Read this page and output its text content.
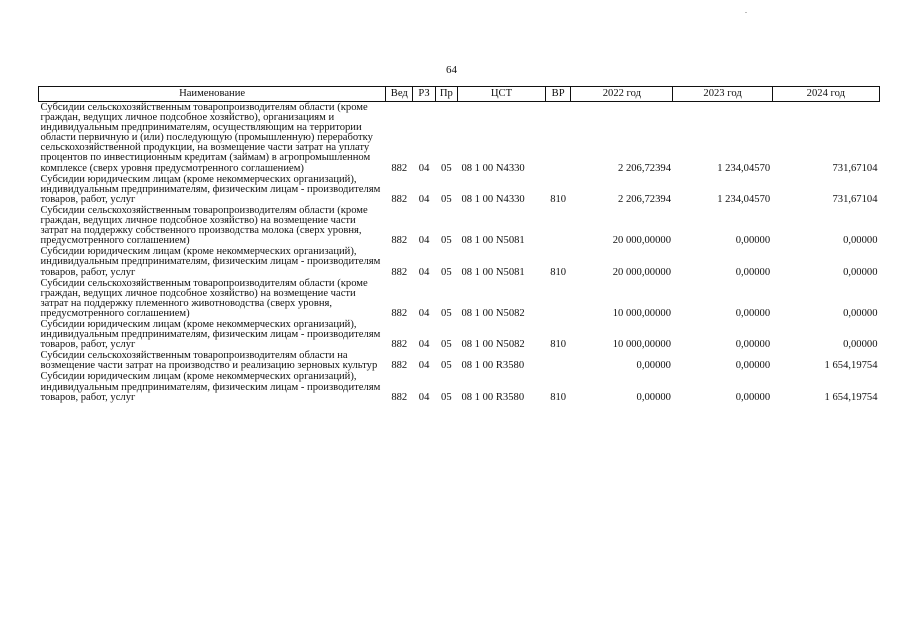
64
Наименование	Вед	РЗ	Пр	ЦСТ	ВР	2022 год	2023 год	2024 год
Субсидии сельскохозяйственным товаропроизводителям области (кроме граждан, ведущих личное подсобное хозяйство), организациям и индивидуальным предпринимателям, осуществляющим на территории области первичную и (или) последующую (промышленную) переработку сельскохозяйственной продукции, на возмещение части затрат на уплату процентов по инвестиционным кредитам (займам) в агропромышленном комплексе (сверх уровня предусмотренного соглашением)	882	04	05	08 1 00 N4330		2 206,72394	1 234,04570	731,67104
Субсидии юридическим лицам (кроме некоммерческих организаций), индивидуальным предпринимателям, физическим лицам - производителям товаров, работ, услуг	882	04	05	08 1 00 N4330	810	2 206,72394	1 234,04570	731,67104
Субсидии сельскохозяйственным товаропроизводителям области (кроме граждан, ведущих личное подсобное хозяйство) на возмещение части затрат на поддержку собственного производства молока (сверх уровня, предусмотренного соглашением)	882	04	05	08 1 00 N5081		20 000,00000	0,00000	0,00000
Субсидии юридическим лицам (кроме некоммерческих организаций), индивидуальным предпринимателям, физическим лицам - производителям товаров, работ, услуг	882	04	05	08 1 00 N5081	810	20 000,00000	0,00000	0,00000
Субсидии сельскохозяйственным товаропроизводителям области (кроме граждан, ведущих личное подсобное хозяйство) на возмещение части затрат на поддержку племенного животноводства (сверх уровня, предусмотренного соглашением)	882	04	05	08 1 00 N5082		10 000,00000	0,00000	0,00000
Субсидии юридическим лицам (кроме некоммерческих организаций), индивидуальным предпринимателям, физическим лицам - производителям товаров, работ, услуг	882	04	05	08 1 00 N5082	810	10 000,00000	0,00000	0,00000
Субсидии сельскохозяйственным товаропроизводителям области на возмещение части затрат на производство и реализацию зерновых культур	882	04	05	08 1 00 R3580		0,00000	0,00000	1 654,19754
Субсидии юридическим лицам (кроме некоммерческих организаций), индивидуальным предпринимателям, физическим лицам - производителям товаров, работ, услуг	882	04	05	08 1 00 R3580	810	0,00000	0,00000	1 654,19754
